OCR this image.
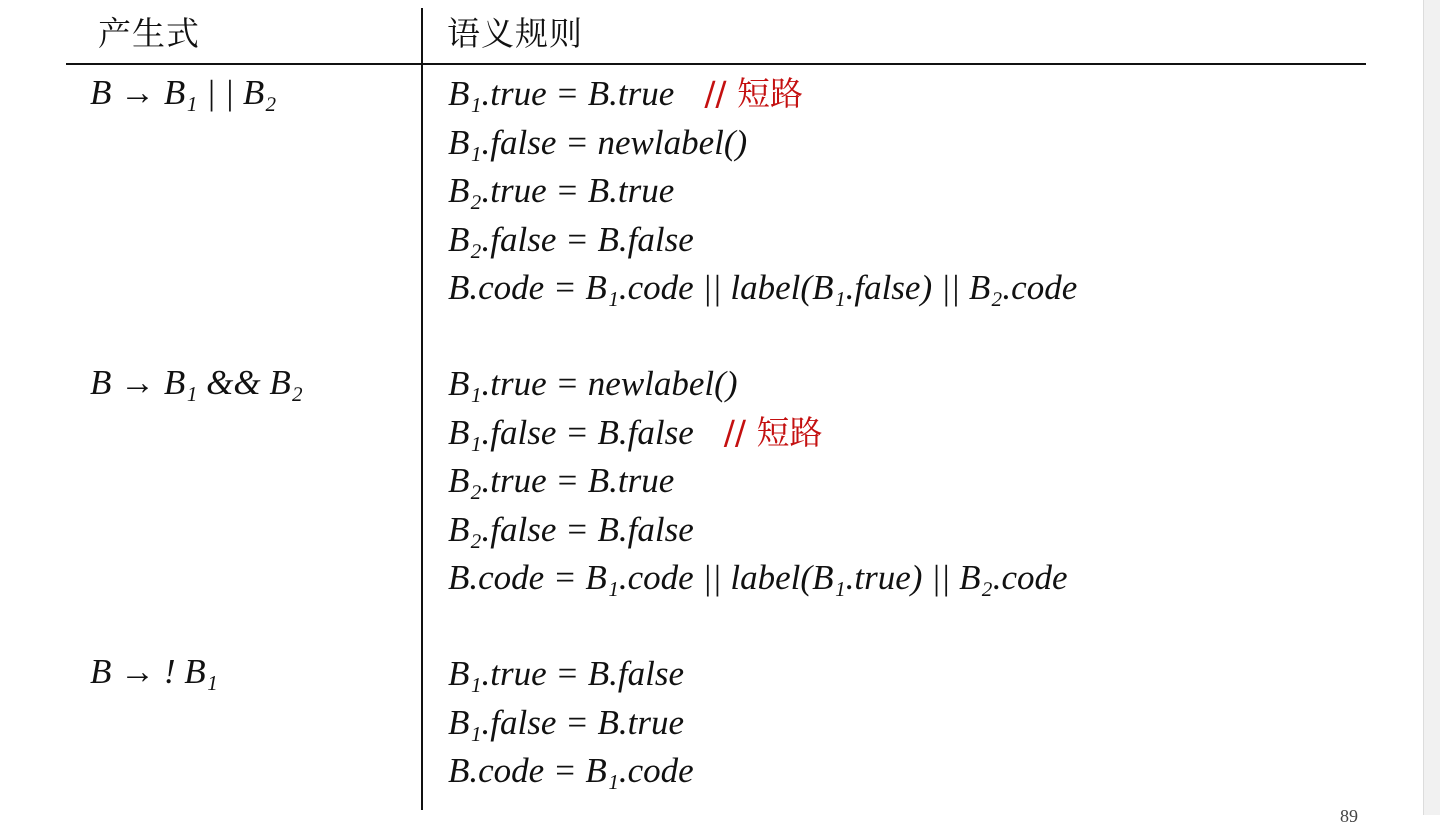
产生式	语义规则
B → B₁ | | B₂	B₁.true = B.true // 短路
B₁.false = newlabel()
B₂.true = B.true
B₂.false = B.false
B.code = B₁.code || label(B₁.false) || B₂.code
B → B₁ && B₂	B₁.true = newlabel()
B₁.false = B.false // 短路
B₂.true = B.true
B₂.false = B.false
B.code = B₁.code || label(B₁.true) || B₂.code
B → ! B₁	B₁.true = B.false
B₁.false = B.true
B.code = B₁.code
89
